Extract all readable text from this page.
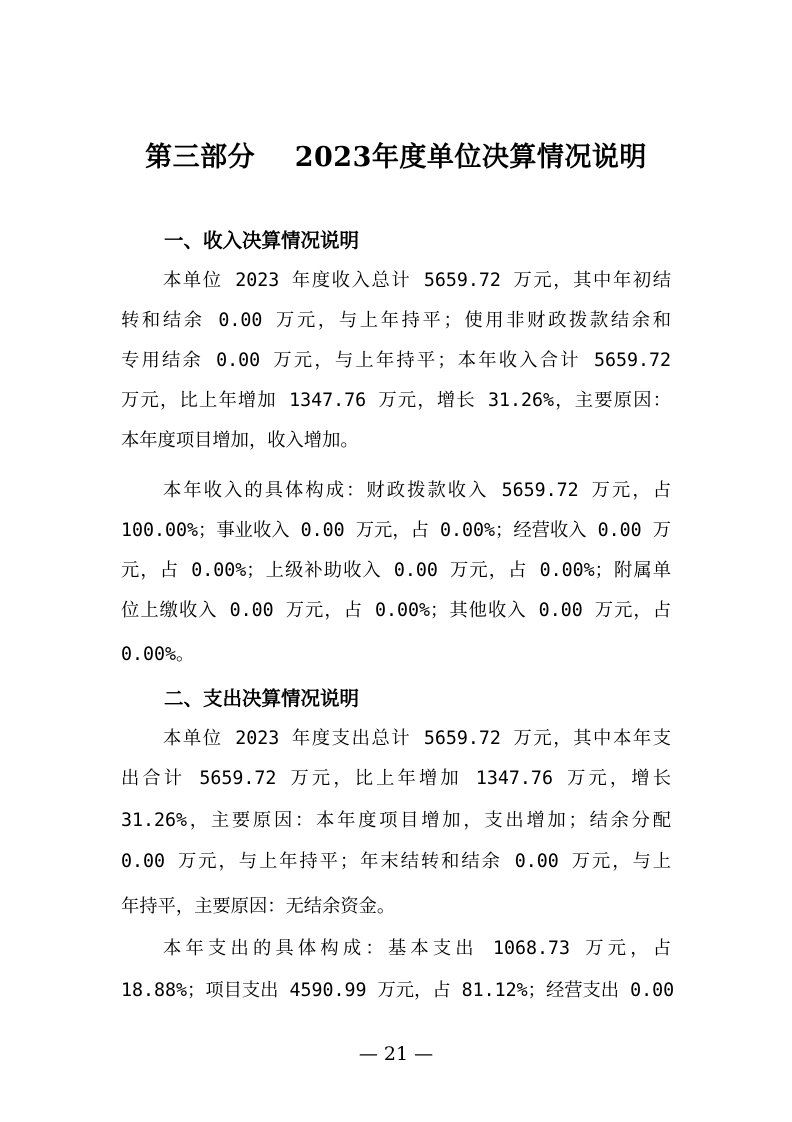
第三部分    2023年度单位决算情况说明
一、收入决算情况说明
本单位 2023 年度收入总计 5659.72 万元，其中年初结
转和结余 0.00 万元，与上年持平；使用非财政拨款结余和
专用结余 0.00 万元，与上年持平；本年收入合计 5659.72
万元，比上年增加 1347.76 万元，增长 31.26%，主要原因：
本年度项目增加，收入增加。
本年收入的具体构成：财政拨款收入 5659.72 万元，占
100.00%；事业收入 0.00 万元，占 0.00%；经营收入 0.00 万
元，占 0.00%；上级补助收入 0.00 万元，占 0.00%；附属单
位上缴收入 0.00 万元，占 0.00%；其他收入 0.00 万元，占
0.00%。
二、支出决算情况说明
本单位 2023 年度支出总计 5659.72 万元，其中本年支
出合计 5659.72 万元，比上年增加 1347.76 万元，增长
31.26%，主要原因：本年度项目增加，支出增加；结余分配
0.00 万元，与上年持平；年末结转和结余 0.00 万元，与上
年持平，主要原因：无结余资金。
本年支出的具体构成：基本支出 1068.73 万元，占
18.88%；项目支出 4590.99 万元，占 81.12%；经营支出 0.00
— 21 —
